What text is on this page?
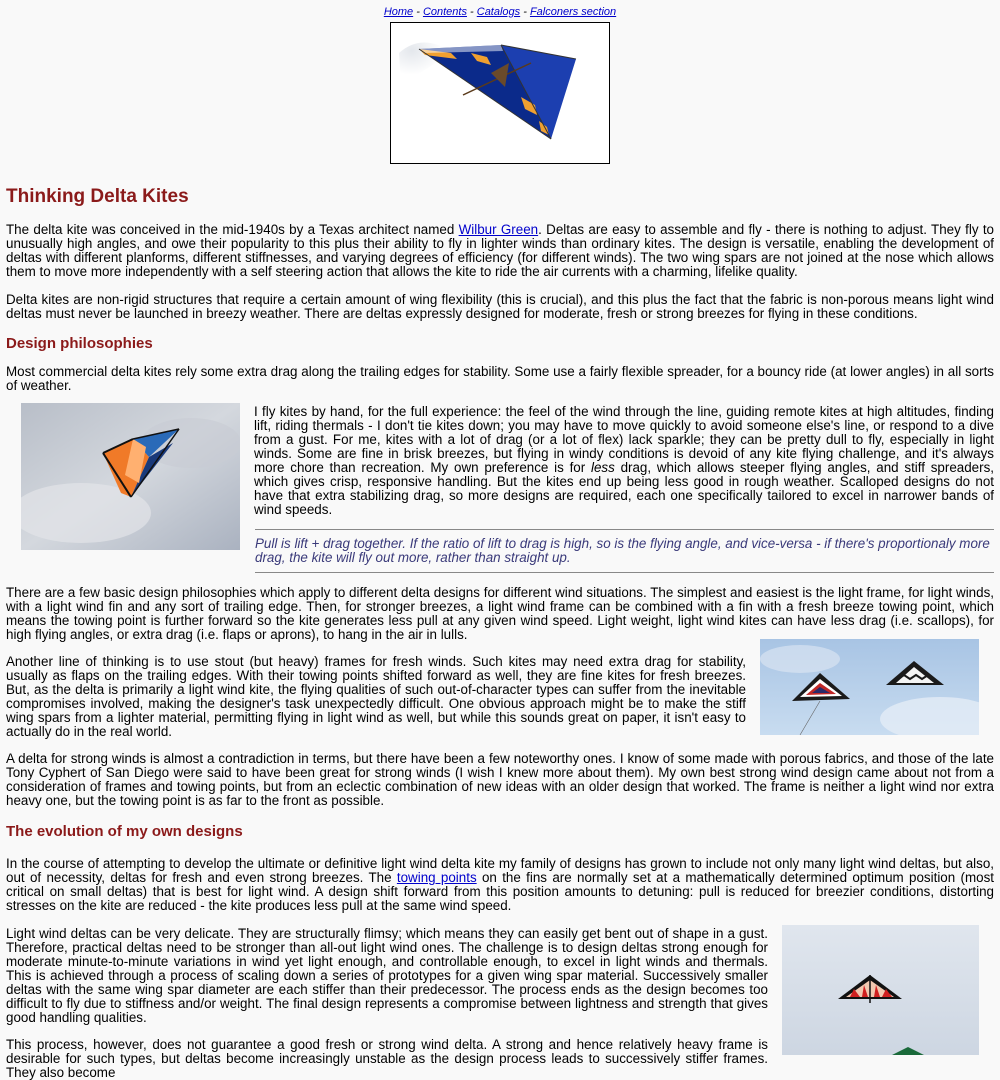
Home - Contents - Catalogs - Falconers section
Thinking Delta Kites

The delta kite was conceived in the mid-1940s by a Texas architect named Wilbur Green. Deltas are easy to assemble and fly - there is nothing to adjust. They fly to unusually high angles, and owe their popularity to this plus their ability to fly in lighter winds than ordinary kites. The design is versatile, enabling the development of deltas with different planforms, different stiffnesses, and varying degrees of efficiency (for different winds). The two wing spars are not joined at the nose which allows them to move more independently with a self steering action that allows the kite to ride the air currents with a charming, lifelike quality.

Delta kites are non-rigid structures that require a certain amount of wing flexibility (this is crucial), and this plus the fact that the fabric is non-porous means light wind deltas must never be launched in breezy weather. There are deltas expressly designed for moderate, fresh or strong breezes for flying in these conditions.

Design philosophies

Most commercial delta kites rely some extra drag along the trailing edges for stability. Some use a fairly flexible spreader, for a bouncy ride (at lower angles) in all sorts of weather.

I fly kites by hand, for the full experience: the feel of the wind through the line, guiding remote kites at high altitudes, finding lift, riding thermals - I don't tie kites down; you may have to move quickly to avoid someone else's line, or respond to a dive from a gust. For me, kites with a lot of drag (or a lot of flex) lack sparkle; they can be pretty dull to fly, especially in light winds. Some are fine in brisk breezes, but flying in windy conditions is devoid of any kite flying challenge, and it's always more chore than recreation. My own preference is for less drag, which allows steeper flying angles, and stiff spreaders, which gives crisp, responsive handling. But the kites end up being less good in rough weather. Scalloped designs do not have that extra stabilizing drag, so more designs are required, each one specifically tailored to excel in narrower bands of wind speeds.

Pull is lift + drag together. If the ratio of lift to drag is high, so is the flying angle, and vice-versa - if there's proportionaly more drag, the kite will fly out more, rather than straight up.

There are a few basic design philosophies which apply to different delta designs for different wind situations. The simplest and easiest is the light frame, for light winds, with a light wind fin and any sort of trailing edge. Then, for stronger breezes, a light wind frame can be combined with a fin with a fresh breeze towing point, which means the towing point is further forward so the kite generates less pull at any given wind speed. Light weight, light wind kites can have less drag (i.e. scallops), for high flying angles, or extra drag (i.e. flaps or aprons), to hang in the air in lulls.

Another line of thinking is to use stout (but heavy) frames for fresh winds. Such kites may need extra drag for stability, usually as flaps on the trailing edges. With their towing points shifted forward as well, they are fine kites for fresh breezes. But, as the delta is primarily a light wind kite, the flying qualities of such out-of-character types can suffer from the inevitable compromises involved, making the designer's task unexpectedly difficult. One obvious approach might be to make the stiff wing spars from a lighter material, permitting flying in light wind as well, but while this sounds great on paper, it isn't easy to actually do in the real world.

A delta for strong winds is almost a contradiction in terms, but there have been a few noteworthy ones. I know of some made with porous fabrics, and those of the late Tony Cyphert of San Diego were said to have been great for strong winds (I wish I knew more about them). My own best strong wind design came about not from a consideration of frames and towing points, but from an eclectic combination of new ideas with an older design that worked. The frame is neither a light wind nor extra heavy one, but the towing point is as far to the front as possible.

The evolution of my own designs

In the course of attempting to develop the ultimate or definitive light wind delta kite my family of designs has grown to include not only many light wind deltas, but also, out of necessity, deltas for fresh and even strong breezes. The towing points on the fins are normally set at a mathematically determined optimum position (most critical on small deltas) that is best for light wind. A design shift forward from this position amounts to detuning: pull is reduced for breezier conditions, distorting stresses on the kite are reduced - the kite produces less pull at the same wind speed.

Light wind deltas can be very delicate. They are structurally flimsy; which means they can easily get bent out of shape in a gust. Therefore, practical deltas need to be stronger than all-out light wind ones. The challenge is to design deltas strong enough for moderate minute-to-minute variations in wind yet light enough, and controllable enough, to excel in light winds and thermals. This is achieved through a process of scaling down a series of prototypes for a given wing spar material. Successively smaller deltas with the same wing spar diameter are each stiffer than their predecessor. The process ends as the design becomes too difficult to fly due to stiffness and/or weight. The final design represents a compromise between lightness and strength that gives good handling qualities.

This process, however, does not guarantee a good fresh or strong wind delta. A strong and hence relatively heavy frame is desirable for such types, but deltas become increasingly unstable as the design process leads to successively stiffer frames. They also become
